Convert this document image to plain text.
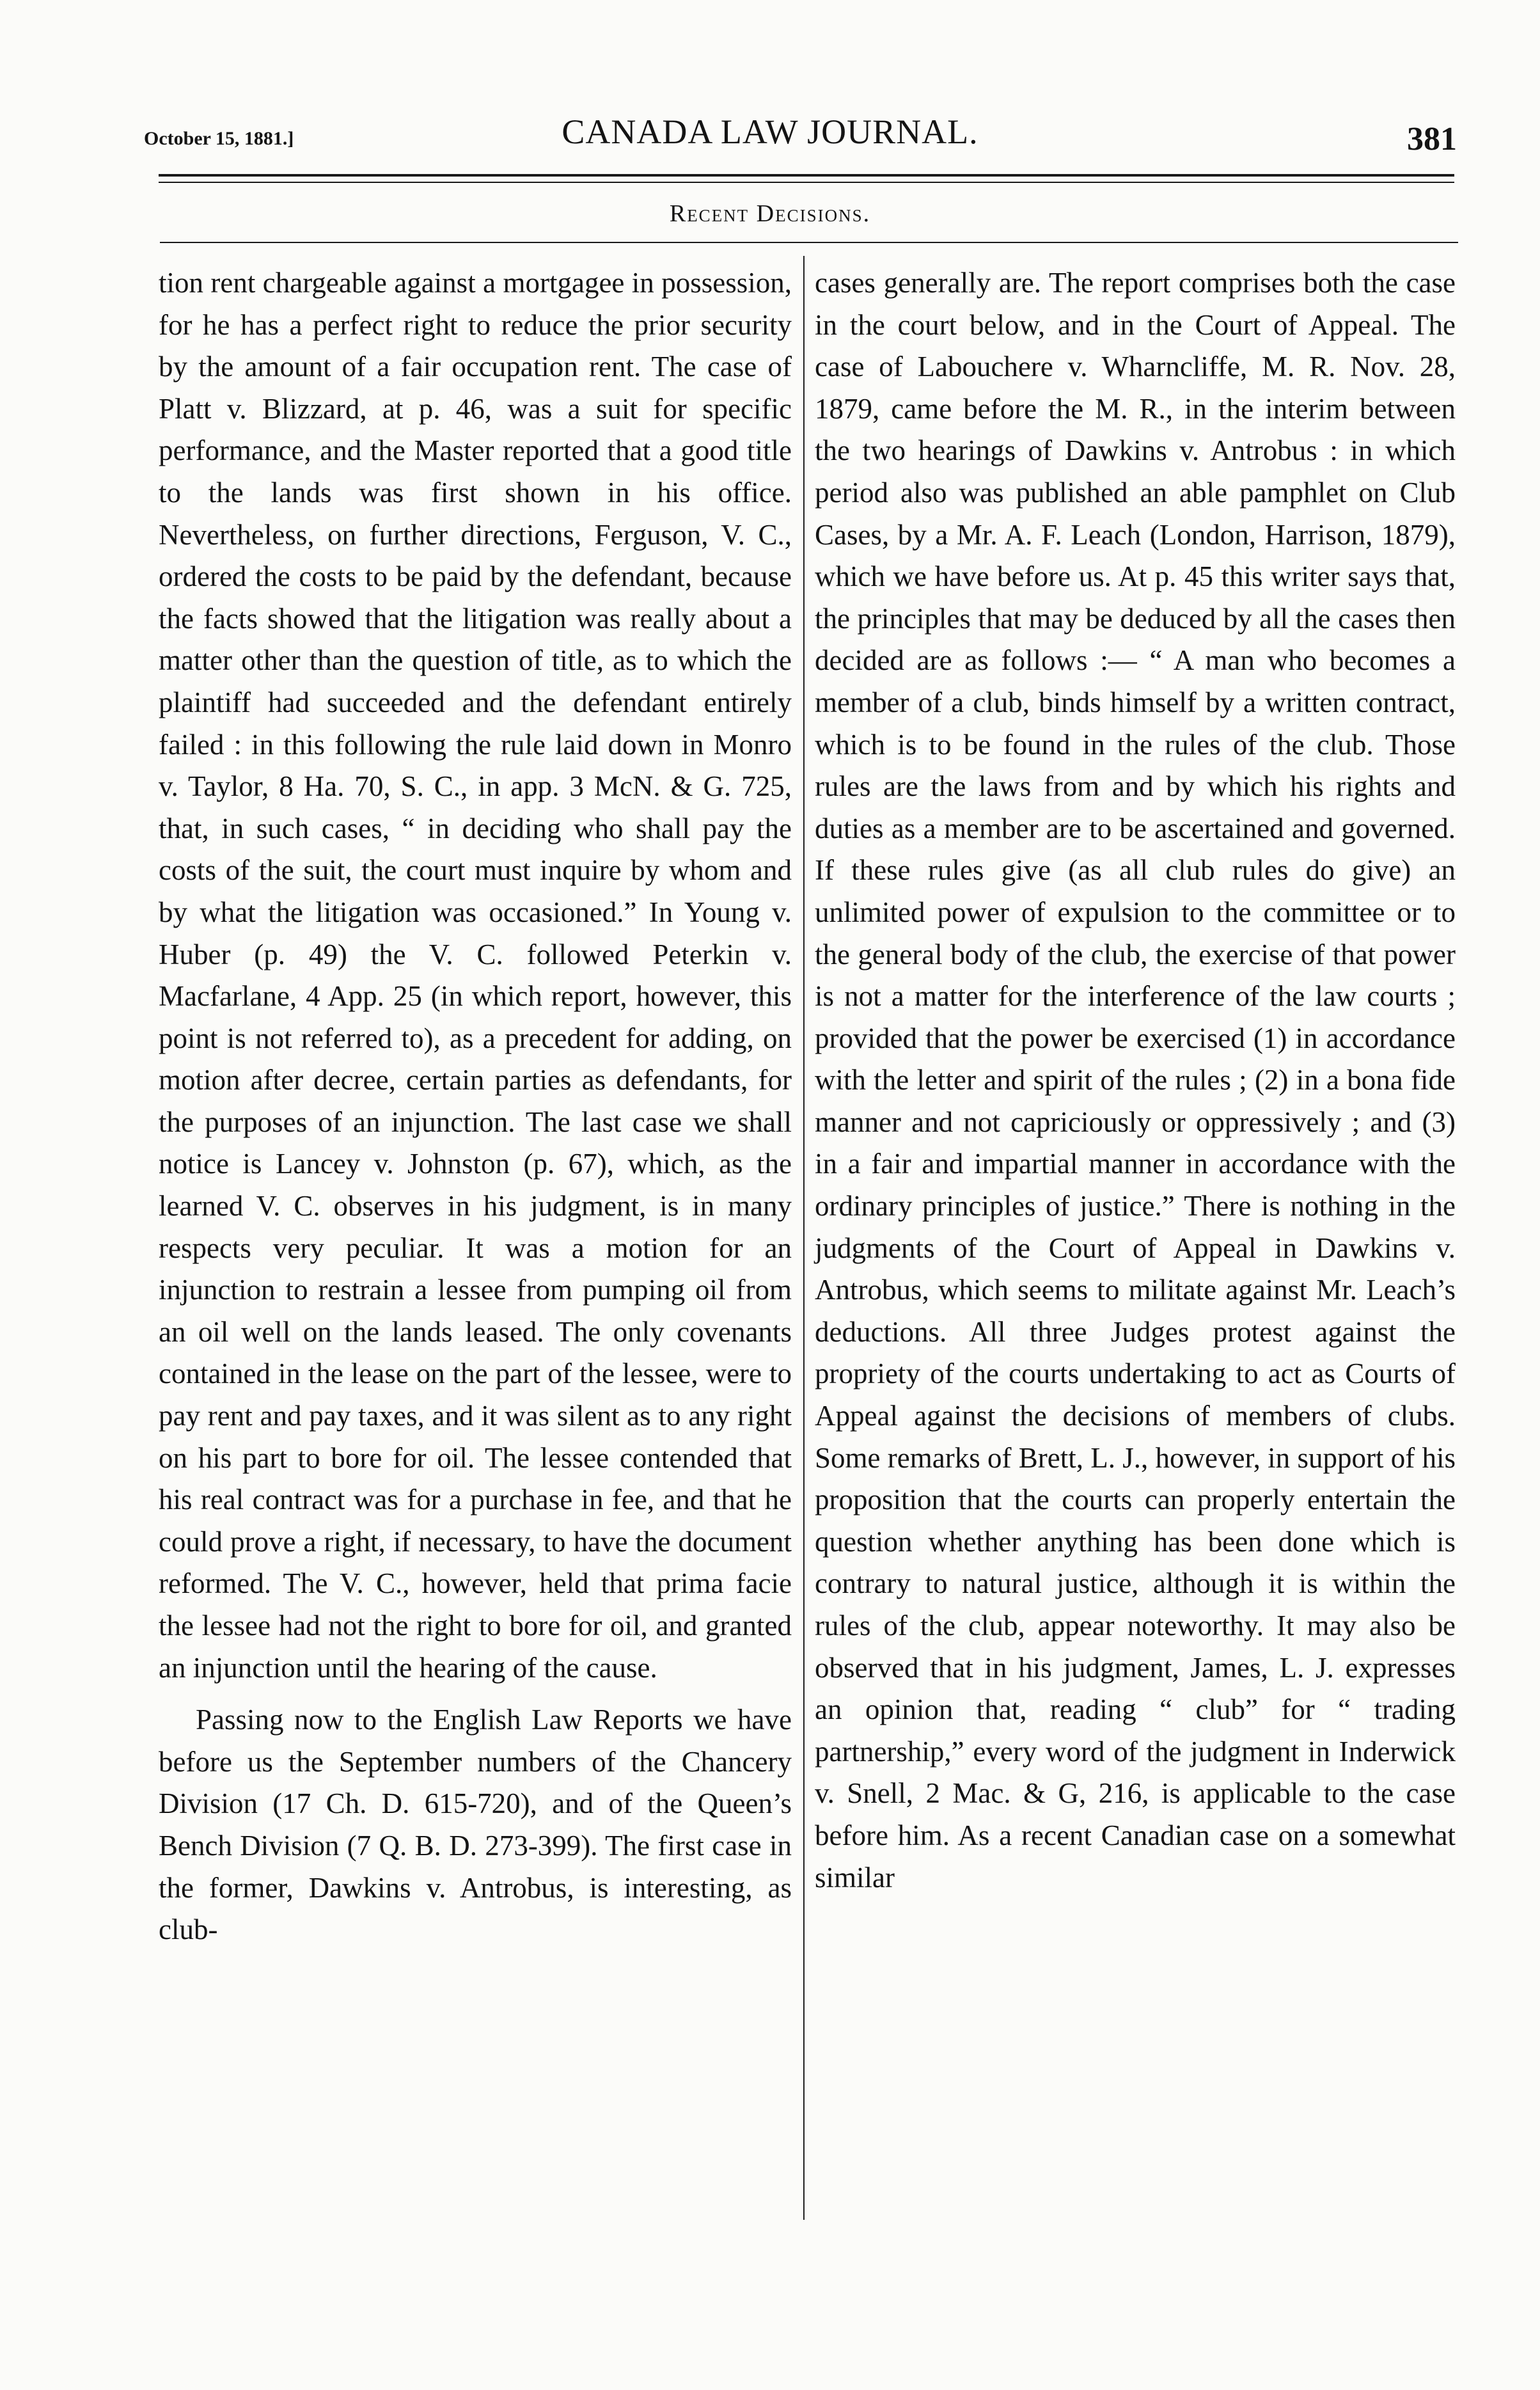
October 15, 1881.]	CANADA LAW JOURNAL.	381
Recent Decisions.

tion rent chargeable against a mortgagee in possession, for he has a perfect right to reduce the prior security by the amount of a fair occupation rent. The case of Platt v. Blizzard, at p. 46, was a suit for specific performance, and the Master reported that a good title to the lands was first shown in his office. Nevertheless, on further directions, Ferguson, V. C., ordered the costs to be paid by the defendant, because the facts showed that the litigation was really about a matter other than the question of title, as to which the plaintiff had succeeded and the defendant entirely failed : in this following the rule laid down in Monro v. Taylor, 8 Ha. 70, S. C., in app. 3 McN. & G. 725, that, in such cases, “ in deciding who shall pay the costs of the suit, the court must inquire by whom and by what the litigation was occasioned.” In Young v. Huber (p. 49) the V. C. followed Peterkin v. Macfarlane, 4 App. 25 (in which report, however, this point is not referred to), as a precedent for adding, on motion after decree, certain parties as defendants, for the purposes of an injunction. The last case we shall notice is Lancey v. Johnston (p. 67), which, as the learned V. C. observes in his judgment, is in many respects very peculiar. It was a motion for an injunction to restrain a lessee from pumping oil from an oil well on the lands leased. The only covenants contained in the lease on the part of the lessee, were to pay rent and pay taxes, and it was silent as to any right on his part to bore for oil. The lessee contended that his real contract was for a purchase in fee, and that he could prove a right, if necessary, to have the document reformed. The V. C., however, held that prima facie the lessee had not the right to bore for oil, and granted an injunction until the hearing of the cause.

Passing now to the English Law Reports we have before us the September numbers of the Chancery Division (17 Ch. D. 615-720), and of the Queen’s Bench Division (7 Q. B. D. 273-399). The first case in the former, Dawkins v. Antrobus, is interesting, as club-

cases generally are. The report comprises both the case in the court below, and in the Court of Appeal. The case of Labouchere v. Wharncliffe, M. R. Nov. 28, 1879, came before the M. R., in the interim between the two hearings of Dawkins v. Antrobus : in which period also was published an able pamphlet on Club Cases, by a Mr. A. F. Leach (London, Harrison, 1879), which we have before us. At p. 45 this writer says that, the principles that may be deduced by all the cases then decided are as follows :— “ A man who becomes a member of a club, binds himself by a written contract, which is to be found in the rules of the club. Those rules are the laws from and by which his rights and duties as a member are to be ascertained and governed. If these rules give (as all club rules do give) an unlimited power of expulsion to the committee or to the general body of the club, the exercise of that power is not a matter for the interference of the law courts ; provided that the power be exercised (1) in accordance with the letter and spirit of the rules ; (2) in a bona fide manner and not capriciously or oppressively ; and (3) in a fair and impartial manner in accordance with the ordinary principles of justice.” There is nothing in the judgments of the Court of Appeal in Dawkins v. Antrobus, which seems to militate against Mr. Leach’s deductions. All three Judges protest against the propriety of the courts undertaking to act as Courts of Appeal against the decisions of members of clubs. Some remarks of Brett, L. J., however, in support of his proposition that the courts can properly entertain the question whether anything has been done which is contrary to natural justice, although it is within the rules of the club, appear noteworthy. It may also be observed that in his judgment, James, L. J. expresses an opinion that, reading “ club” for “ trading partnership,” every word of the judgment in Inderwick v. Snell, 2 Mac. & G, 216, is applicable to the case before him. As a recent Canadian case on a somewhat similar
